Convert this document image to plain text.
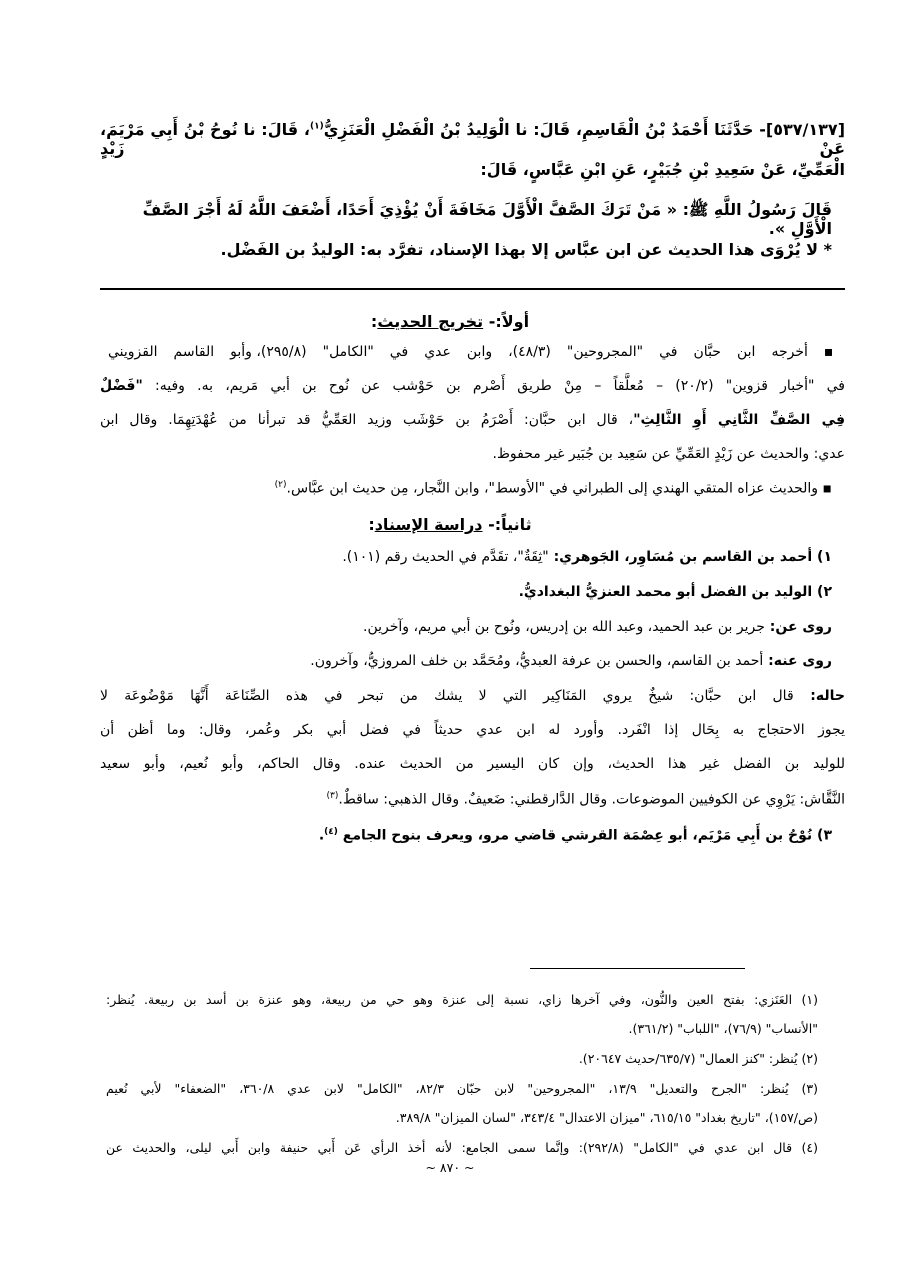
[٥٣٧/١٣٧]- حَدَّثَنَا أَحْمَدُ بْنُ الْقَاسِمِ، قَالَ: نا الْوَلِيدُ بْنُ الْفَضْلِ الْعَنَزِيُّ$^{(١)}$، قَالَ: نا نُوحُ بْنُ أَبِي مَرْيَمَ، عَنْ زَيْدٍ
الْعَمِّيِّ، عَنْ سَعِيدِ بْنِ جُبَيْرٍ، عَنِ ابْنِ عَبَّاسٍ، قَالَ:
قَالَ رَسُولُ اللَّهِ ﷺ: « مَنْ تَرَكَ الصَّفَّ الْأَوَّلَ مَخَافَةَ أَنْ يُؤْذِيَ أَحَدًا، أَضْعَفَ اللَّهُ لَهُ أَجْرَ الصَّفِّ الْأَوَّلِ ».
* لا يُرْوَى هذا الحديث عن ابن عبَّاس إلا بهذا الإسناد، تفرَّد به: الوليدُ بن الفَضْل.
أولاً:- تخريج الحديث:
▪ أخرجه ابن حبَّان في "المجروحين" (٤٨/٣)، وابن عدي في "الكامل" (٢٩٥/٨)، وأبو القاسم القزويني
في "أخبار قزوين" (٢٠/٢) – مُعلَّقاً – مِنْ طريق أَصْرم بن حَوْشب عن نُوح بن أبي مَريم، به. وفيه: "فَضْلٌ
فِي الصَّفِّ الثَّانِي أَوِ الثَّالِثِ"، قال ابن حبَّان: أَصْرَمُ بن حَوْشَب وزيد العَمِّيُّ قد تبرأنا من عُهْدَتِهِمَا. وقال ابن
عدي: والحديث عن زَيْدٍ العَمِّيِّ عن سَعِيد بن جُبَير غير محفوظ.
▪ والحديث عزاه المتقي الهندي إلى الطبراني في "الأوسط"، وابن النَّجار، مِن حديث ابن عبَّاس.$^{(٢)}$
ثانياً:- دراسة الإسناد:
١) أحمد بن القاسم بن مُسَاوِر، الجَوهري: "ثِقَةٌ"، تقَدَّم في الحديث رقم (١٠١).
٢) الوليد بن الفضل أبو محمد العنزيُّ البغداديُّ.
روى عن: جرير بن عبد الحميد، وعبد الله بن إدريس، ونُوح بن أبي مريم، وآخرين.
روى عنه: أحمد بن القاسم، والحسن بن عرفة العبديُّ، ومُحَمَّد بن خلف المروزيُّ، وآخرون.
حاله: قال ابن حبَّان: شيخٌ يروي المَنَاكِير التي لا يشك من تبحر في هذه الصِّنَاعَة أَنَّهَا مَوْضُوعَة لا
يجوز الاحتجاج به بِحَال إذا انْفَرد. وأورد له ابن عدي حديثاً في فضل أبي بكر وعُمر، وقال: وما أظن أن
للوليد بن الفضل غير هذا الحديث، وإن كان اليسير من الحديث عنده. وقال الحاكم، وأبو نُعيم، وأبو سعيد
النَّقَّاش: يَرْوِي عن الكوفيين الموضوعات. وقال الدَّارقطني: ضَعيفٌ. وقال الذهبي: ساقطٌ.$^{(٣)}$
٣) نُوْحُ بن أَبِي مَرْيَم، أبو عِصْمَة القرشي قاضي مرو، ويعرف بنوح الجامع $^{(٤)}$.
(١) العَنَزي: بفتح العين والنُّون، وفي آخرها زاي، نسبة إلى عنزة وهو حي من ربيعة، وهو عنزة بن أسد بن ربيعة. يُنظر:
"الأنساب" (٧٦/٩)، "اللباب" (٣٦١/٢).
(٢) يُنظر: "كنز العمال" (٦٣٥/٧/حديث ٢٠٦٤٧).
(٣) يُنظر: "الجرح والتعديل" ١٣/٩، "المجروحين" لابن حبّان ٨٢/٣، "الكامل" لابن عدي ٣٦٠/٨، "الضعفاء" لأبي نُعيم
(ص/١٥٧)، "تاريخ بغداد" ٦١٥/١٥، "ميزان الاعتدال" ٣٤٣/٤، "لسان الميزان" ٣٨٩/٨.
(٤) قال ابن عدي في "الكامل" (٢٩٢/٨): وإنَّما سمى الجامع: لأنه أخذ الرأي عَن أَبي حنيفة وابن أَبي ليلى، والحديث عن
~ ٨٧٠ ~
